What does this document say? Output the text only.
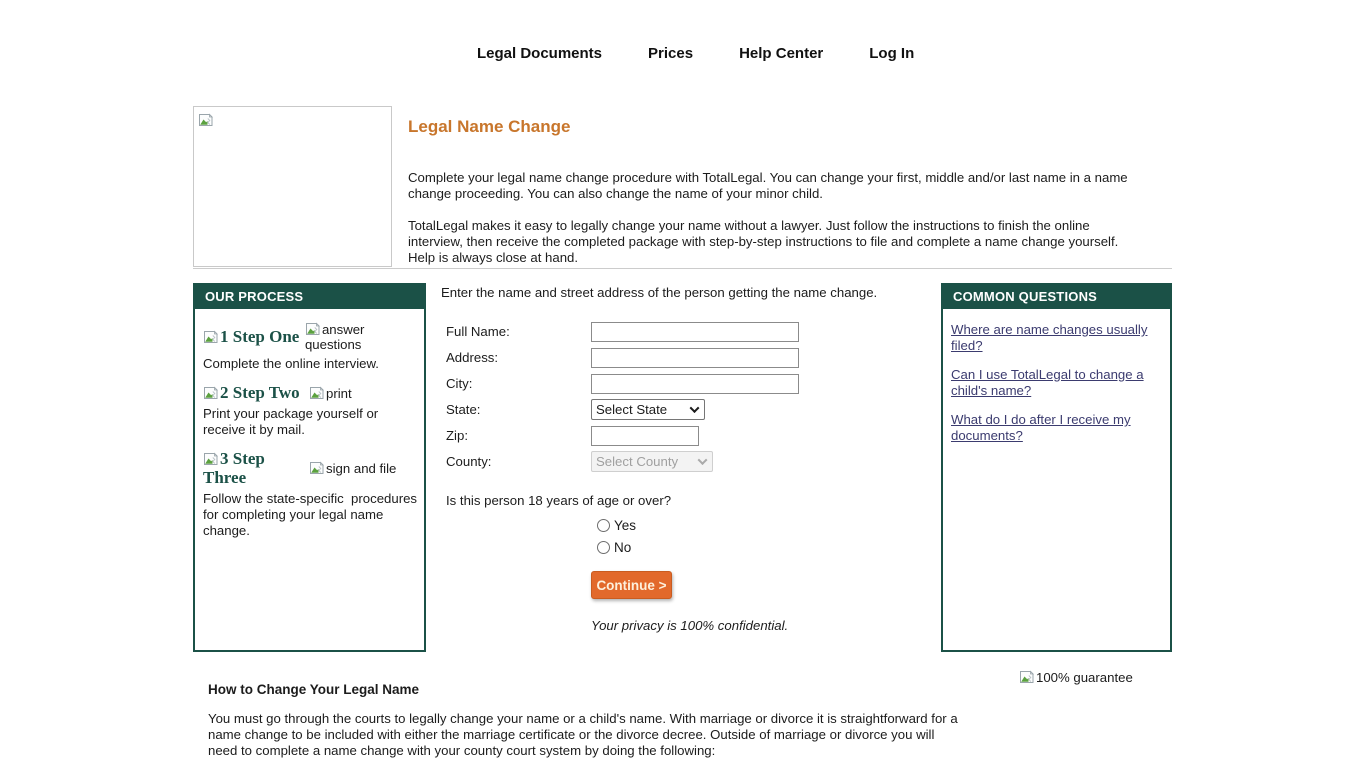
Legal Documents	Prices	Help Center	Log In
Legal Name Change

Complete your legal name change procedure with TotalLegal. You can change your first, middle and/or last name in a name change proceeding. You can also change the name of your minor child.

TotalLegal makes it easy to legally change your name without a lawyer. Just follow the instructions to finish the online interview, then receive the completed package with step-by-step instructions to file and complete a name change yourself. Help is always close at hand.

OUR PROCESS
1 Step One	answer questions
Complete the online interview.
2 Step Two	print
Print your package yourself or receive it by mail.
3 Step Three	sign and file
Follow the state-specific  procedures for completing your legal name change.
Enter the name and street address of the person getting the name change.
Full Name:
Address:
City:
State:	Select State
Zip:
County:	Select County
Is this person 18 years of age or over?
Yes
No
Continue >
Your privacy is 100% confidential.
COMMON QUESTIONS
Where are name changes usually filed?
Can I use TotalLegal to change a child's name?
What do I do after I receive my documents?
100% guarantee
How to Change Your Legal Name
You must go through the courts to legally change your name or a child's name. With marriage or divorce it is straightforward for a name change to be included with either the marriage certificate or the divorce decree. Outside of marriage or divorce you will need to complete a name change with your county court system by doing the following:
